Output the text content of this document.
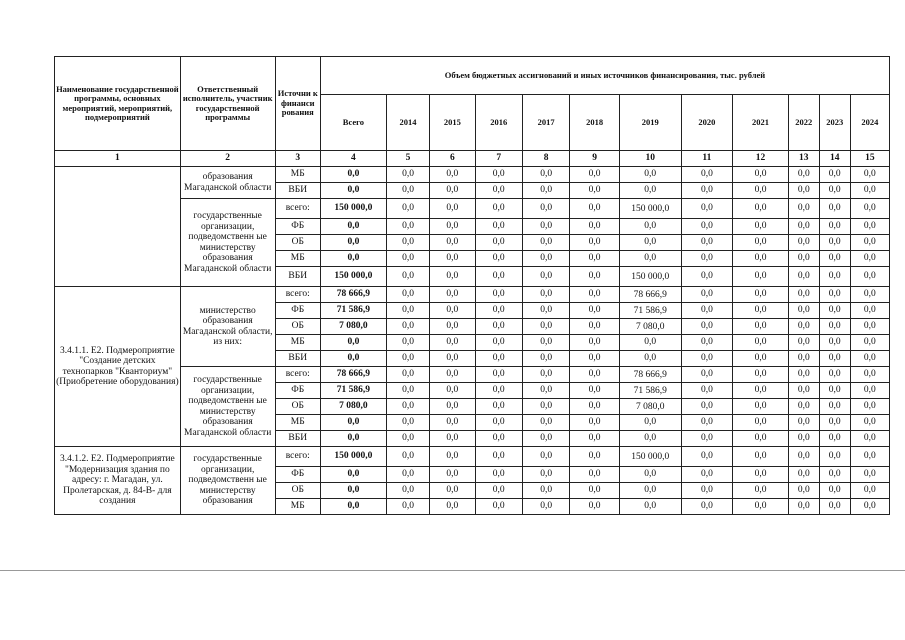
Наименование государственной программы, основных мероприятий, мероприятий, подмероприятий	Ответственный исполнитель, участник государственной программы	Источни к финанси рования	Объем бюджетных ассигнований и иных источников финансирования, тыс. рублей											
			Всего	2014	2015	2016	2017	2018	2019	2020	2021	2022	2023	2024
1	2	3	4	5	6	7	8	9	10	11	12	13	14	15
	образования Магаданской области	МБ	0,0	0,0	0,0	0,0	0,0	0,0	0,0	0,0	0,0	0,0	0,0	0,0
		ВБИ	0,0	0,0	0,0	0,0	0,0	0,0	0,0	0,0	0,0	0,0	0,0	0,0
	государственные организации, подведомственн ые министерству образования Магаданской области	всего:	150 000,0	0,0	0,0	0,0	0,0	0,0	150 000,0	0,0	0,0	0,0	0,0	0,0
		ФБ	0,0	0,0	0,0	0,0	0,0	0,0	0,0	0,0	0,0	0,0	0,0	0,0
		ОБ	0,0	0,0	0,0	0,0	0,0	0,0	0,0	0,0	0,0	0,0	0,0	0,0
		МБ	0,0	0,0	0,0	0,0	0,0	0,0	0,0	0,0	0,0	0,0	0,0	0,0
		ВБИ	150 000,0	0,0	0,0	0,0	0,0	0,0	150 000,0	0,0	0,0	0,0	0,0	0,0
3.4.1.1. Е2. Подмероприятие "Создание детских технопарков "Кванториум" (Приобретение оборудования)	министерство образования Магаданской области, из них:	всего:	78 666,9	0,0	0,0	0,0	0,0	0,0	78 666,9	0,0	0,0	0,0	0,0	0,0
		ФБ	71 586,9	0,0	0,0	0,0	0,0	0,0	71 586,9	0,0	0,0	0,0	0,0	0,0
		ОБ	7 080,0	0,0	0,0	0,0	0,0	0,0	7 080,0	0,0	0,0	0,0	0,0	0,0
		МБ	0,0	0,0	0,0	0,0	0,0	0,0	0,0	0,0	0,0	0,0	0,0	0,0
		ВБИ	0,0	0,0	0,0	0,0	0,0	0,0	0,0	0,0	0,0	0,0	0,0	0,0
	государственные организации, подведомственн ые министерству образования Магаданской области	всего:	78 666,9	0,0	0,0	0,0	0,0	0,0	78 666,9	0,0	0,0	0,0	0,0	0,0
		ФБ	71 586,9	0,0	0,0	0,0	0,0	0,0	71 586,9	0,0	0,0	0,0	0,0	0,0
		ОБ	7 080,0	0,0	0,0	0,0	0,0	0,0	7 080,0	0,0	0,0	0,0	0,0	0,0
		МБ	0,0	0,0	0,0	0,0	0,0	0,0	0,0	0,0	0,0	0,0	0,0	0,0
		ВБИ	0,0	0,0	0,0	0,0	0,0	0,0	0,0	0,0	0,0	0,0	0,0	0,0
3.4.1.2. Е2. Подмероприятие "Модернизация здания по адресу: г. Магадан, ул. Пролетарская, д. 84-В- для создания	государственные организации, подведомственн ые министерству образования	всего:	150 000,0	0,0	0,0	0,0	0,0	0,0	150 000,0	0,0	0,0	0,0	0,0	0,0
		ФБ	0,0	0,0	0,0	0,0	0,0	0,0	0,0	0,0	0,0	0,0	0,0	0,0
		ОБ	0,0	0,0	0,0	0,0	0,0	0,0	0,0	0,0	0,0	0,0	0,0	0,0
		МБ	0,0	0,0	0,0	0,0	0,0	0,0	0,0	0,0	0,0	0,0	0,0	0,0
